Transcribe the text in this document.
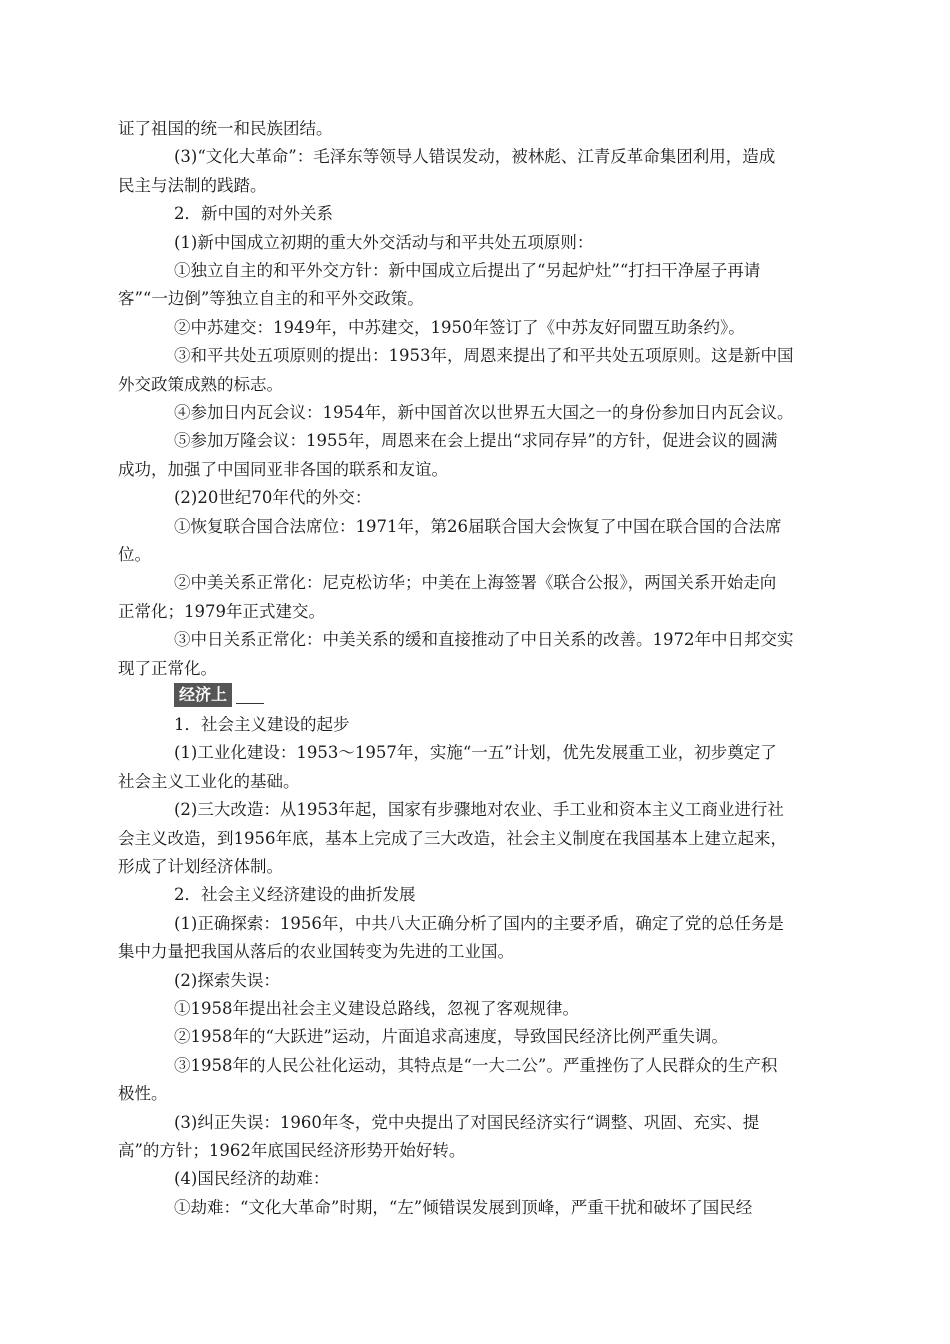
证了祖国的统一和民族团结。
(3)“文化大革命”：毛泽东等领导人错误发动，被林彪、江青反革命集团利用，造成
民主与法制的践踏。
2．新中国的对外关系
(1)新中国成立初期的重大外交活动与和平共处五项原则：
①独立自主的和平外交方针：新中国成立后提出了“另起炉灶”“打扫干净屋子再请
客”“一边倒”等独立自主的和平外交政策。
②中苏建交：1949年，中苏建交，1950年签订了《中苏友好同盟互助条约》。
③和平共处五项原则的提出：1953年，周恩来提出了和平共处五项原则。这是新中国
外交政策成熟的标志。
④参加日内瓦会议：1954年，新中国首次以世界五大国之一的身份参加日内瓦会议。
⑤参加万隆会议：1955年，周恩来在会上提出“求同存异”的方针，促进会议的圆满
成功，加强了中国同亚非各国的联系和友谊。
(2)20世纪70年代的外交：
①恢复联合国合法席位：1971年，第26届联合国大会恢复了中国在联合国的合法席
位。
②中美关系正常化：尼克松访华；中美在上海签署《联合公报》，两国关系开始走向
正常化；1979年正式建交。
③中日关系正常化：中美关系的缓和直接推动了中日关系的改善。1972年中日邦交实
现了正常化。
经济上
1．社会主义建设的起步
(1)工业化建设：1953～1957年，实施“一五”计划，优先发展重工业，初步奠定了
社会主义工业化的基础。
(2)三大改造：从1953年起，国家有步骤地对农业、手工业和资本主义工商业进行社
会主义改造，到1956年底，基本上完成了三大改造，社会主义制度在我国基本上建立起来，
形成了计划经济体制。
2．社会主义经济建设的曲折发展
(1)正确探索：1956年，中共八大正确分析了国内的主要矛盾，确定了党的总任务是
集中力量把我国从落后的农业国转变为先进的工业国。
(2)探索失误：
①1958年提出社会主义建设总路线，忽视了客观规律。
②1958年的“大跃进”运动，片面追求高速度，导致国民经济比例严重失调。
③1958年的人民公社化运动，其特点是“一大二公”。严重挫伤了人民群众的生产积
极性。
(3)纠正失误：1960年冬，党中央提出了对国民经济实行“调整、巩固、充实、提
高”的方针；1962年底国民经济形势开始好转。
(4)国民经济的劫难：
①劫难：“文化大革命”时期，“左”倾错误发展到顶峰，严重干扰和破坏了国民经
